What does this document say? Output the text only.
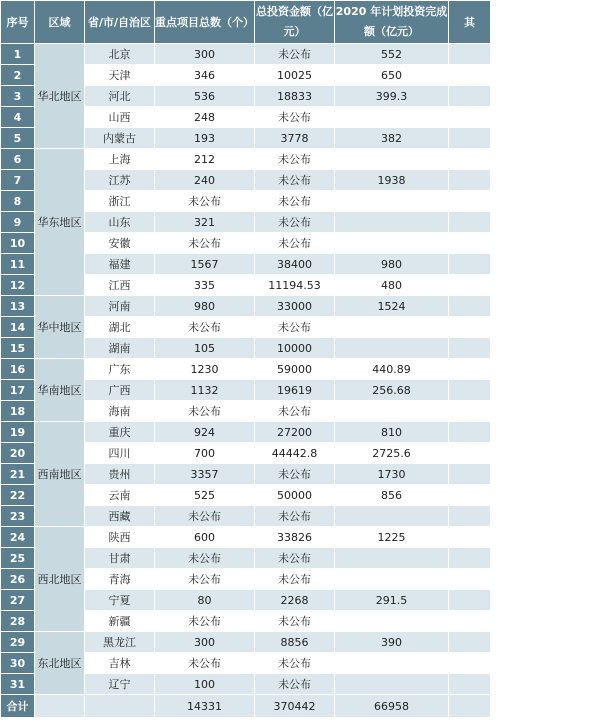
序号	区域	省/市/自治区	重点项目总数（个）	总投资金额（亿元）	2020 年计划投资完成额（亿元）	其
1	华北地区	北京	300	未公布	552	
2		天津	346	10025	650	
3		河北	536	18833	399.3	
4		山西	248	未公布		
5		内蒙古	193	3778	382	
6	华东地区	上海	212	未公布		
7		江苏	240	未公布	1938	
8		浙江	未公布	未公布		
9		山东	321	未公布		
10		安徽	未公布	未公布		
11		福建	1567	38400	980	
12		江西	335	11194.53	480	
13	华中地区	河南	980	33000	1524	
14		湖北	未公布	未公布		
15		湖南	105	10000		
16	华南地区	广东	1230	59000	440.89	
17		广西	1132	19619	256.68	
18		海南	未公布	未公布		
19	西南地区	重庆	924	27200	810	
20		四川	700	44442.8	2725.6	
21		贵州	3357	未公布	1730	
22		云南	525	50000	856	
23		西藏	未公布	未公布		
24	西北地区	陕西	600	33826	1225	
25		甘肃	未公布	未公布		
26		青海	未公布	未公布		
27		宁夏	80	2268	291.5	
28		新疆	未公布	未公布		
29	东北地区	黑龙江	300	8856	390	
30		吉林	未公布	未公布		
31		辽宁	100	未公布		
合计			14331	370442	66958	
